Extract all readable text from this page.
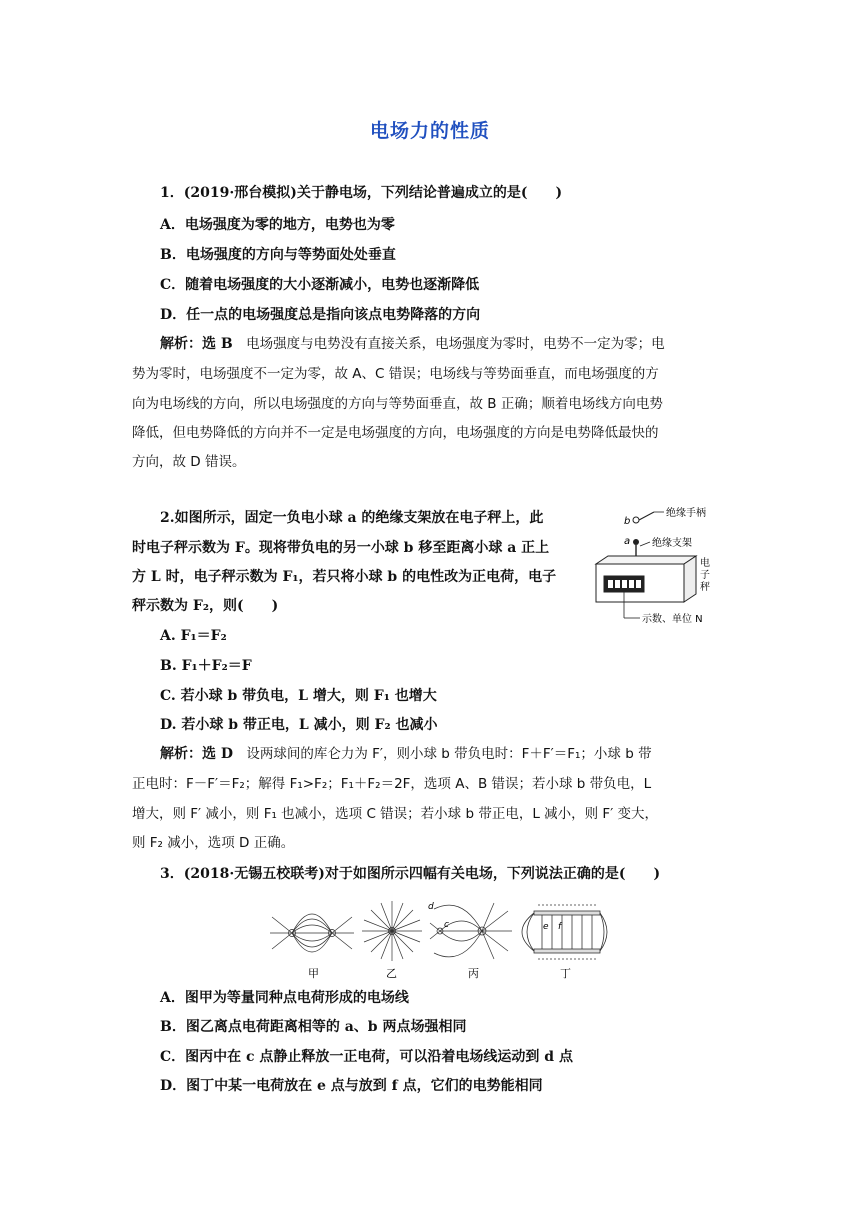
电场力的性质
1．(2019·邢台模拟)关于静电场，下列结论普遍成立的是(　　)
A．电场强度为零的地方，电势也为零
B．电场强度的方向与等势面处处垂直
C．随着电场强度的大小逐渐减小，电势也逐渐降低
D．任一点的电场强度总是指向该点电势降落的方向
解析：选 B 电场强度与电势没有直接关系，电场强度为零时，电势不一定为零；电
势为零时，电场强度不一定为零，故 A、C 错误；电场线与等势面垂直，而电场强度的方
向为电场线的方向，所以电场强度的方向与等势面垂直，故 B 正确；顺着电场线方向电势
降低，但电势降低的方向并不一定是电场强度的方向，电场强度的方向是电势降低最快的
方向，故 D 错误。
2.如图所示，固定一负电小球 a 的绝缘支架放在电子秤上，此
时电子秤示数为 F。现将带负电的另一小球 b 移至距离小球 a 正上
方 L 时，电子秤示数为 F₁，若只将小球 b 的电性改为正电荷，电子
秤示数为 F₂，则(　　)
A. F₁＝F₂
B. F₁＋F₂＝F
C. 若小球 b 带负电，L 增大，则 F₁ 也增大
D. 若小球 b 带正电，L 减小，则 F₂ 也减小
解析：选 D 设两球间的库仑力为 F′，则小球 b 带负电时：F＋F′＝F₁；小球 b 带
正电时：F－F′＝F₂；解得 F₁>F₂；F₁＋F₂＝2F，选项 A、B 错误；若小球 b 带负电，L
增大，则 F′ 减小，则 F₁ 也减小，选项 C 错误；若小球 b 带正电，L 减小，则 F′ 变大，
则 F₂ 减小，选项 D 正确。
b
绝缘手柄
a 绝缘支架
电
子
秤
示数、单位 N
3．(2018·无锡五校联考)对于如图所示四幅有关电场，下列说法正确的是(　　)
d
c	e f
甲	乙	丙	丁
A．图甲为等量同种点电荷形成的电场线
B．图乙离点电荷距离相等的 a、b 两点场强相同
C．图丙中在 c 点静止释放一正电荷，可以沿着电场线运动到 d 点
D．图丁中某一电荷放在 e 点与放到 f 点，它们的电势能相同
